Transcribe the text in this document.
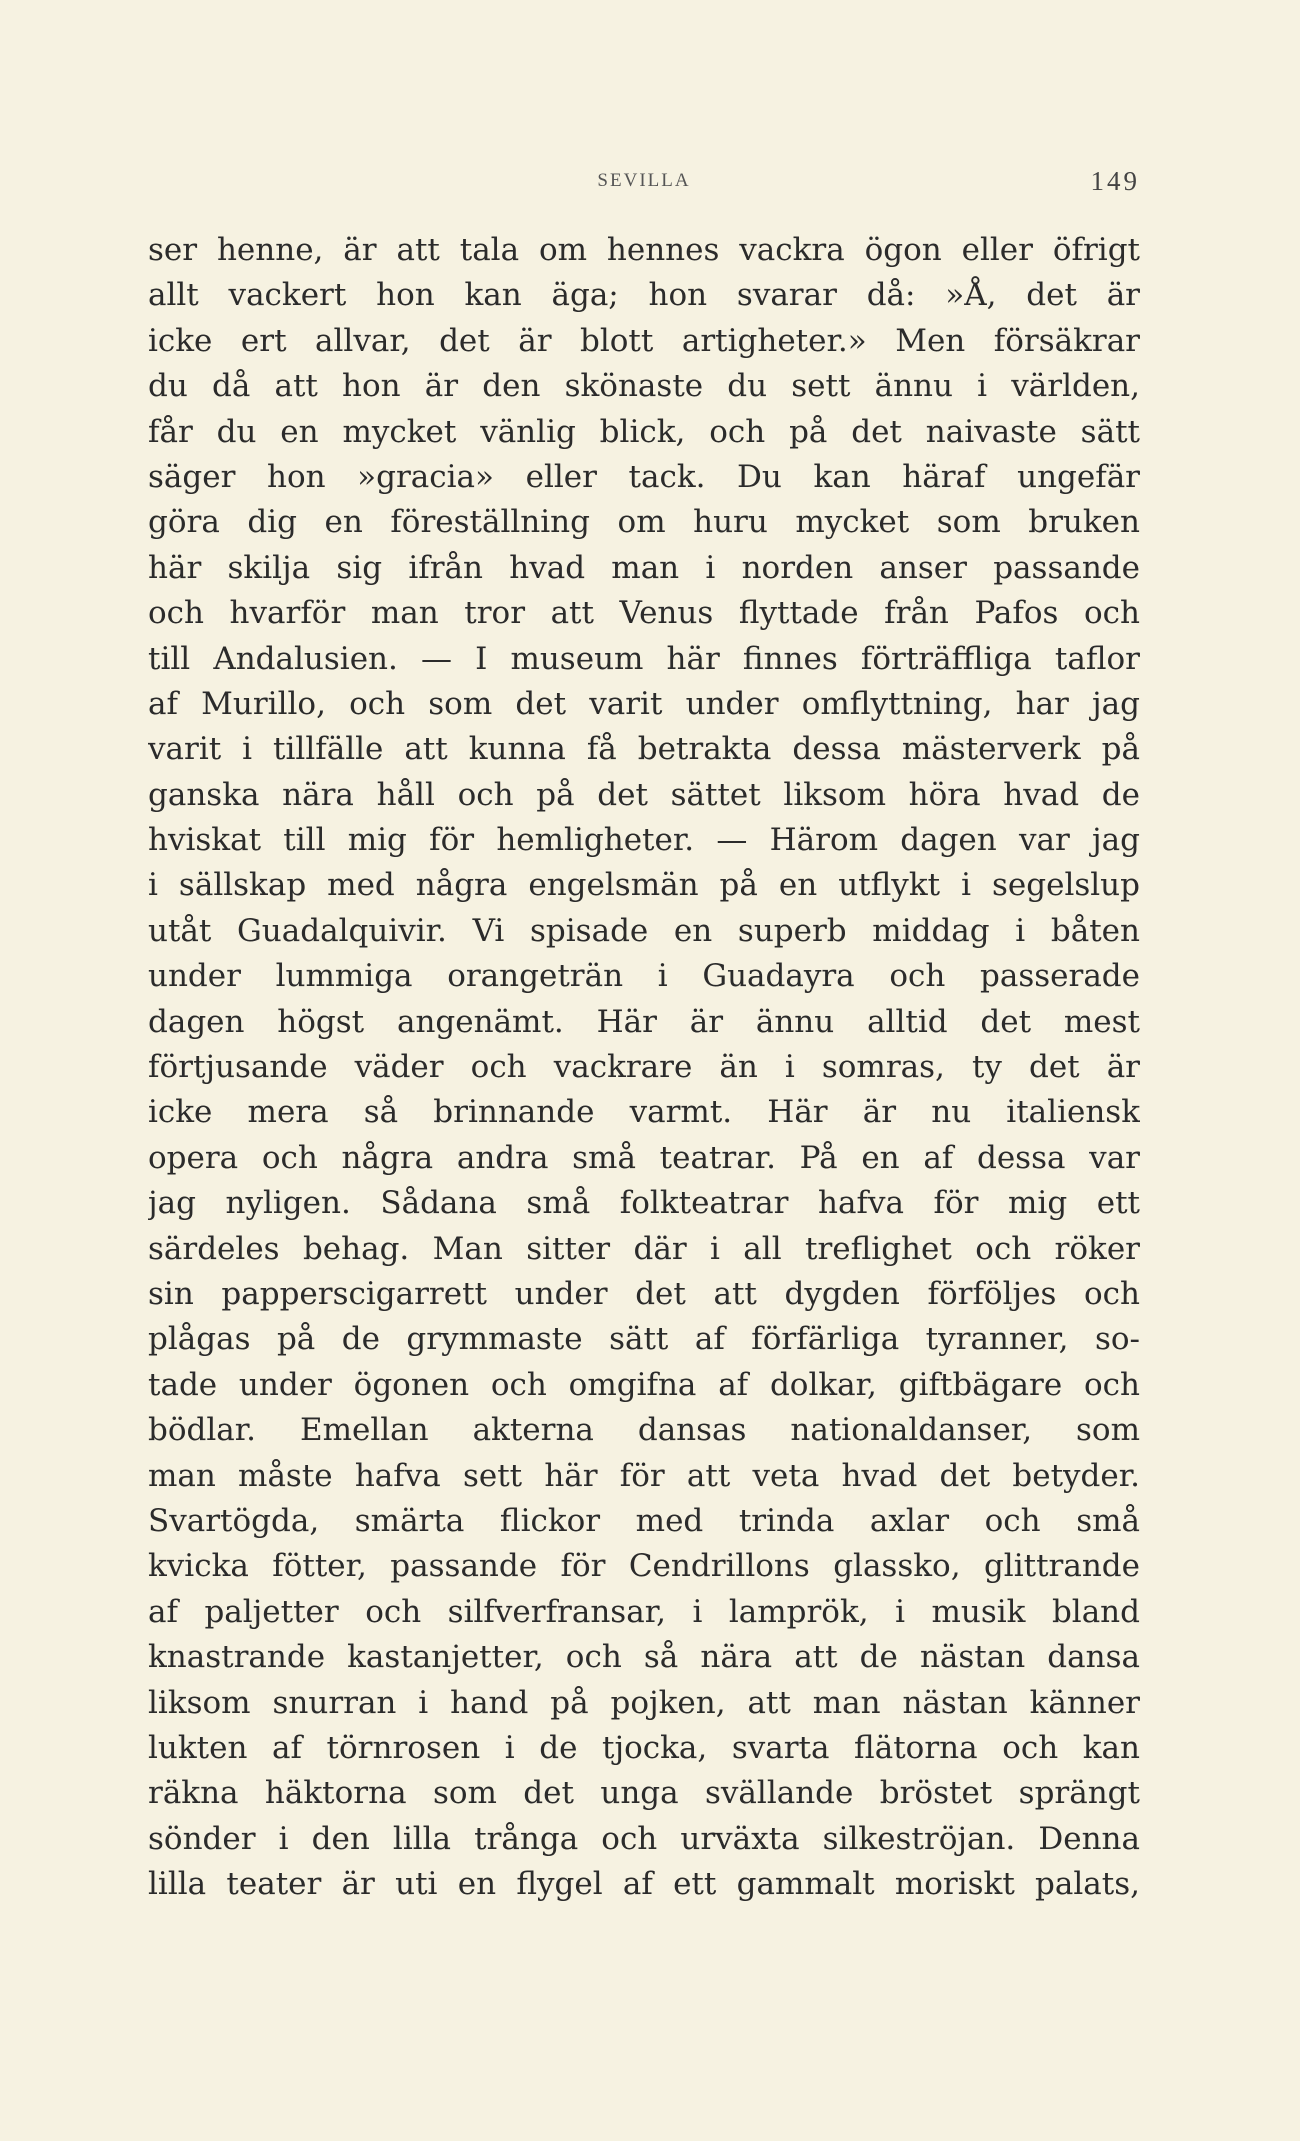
SEVILLA	149
ser henne, är att tala om hennes vackra ögon eller öfrigt
allt vackert hon kan äga; hon svarar då: »Å, det är
icke ert allvar, det är blott artigheter.» Men försäkrar
du då att hon är den skönaste du sett ännu i världen,
får du en mycket vänlig blick, och på det naivaste sätt
säger hon »gracia» eller tack. Du kan häraf ungefär
göra dig en föreställning om huru mycket som bruken
här skilja sig ifrån hvad man i norden anser passande
och hvarför man tror att Venus flyttade från Pafos och
till Andalusien. — I museum här finnes förträffliga taflor
af Murillo, och som det varit under omflyttning, har jag
varit i tillfälle att kunna få betrakta dessa mästerverk på
ganska nära håll och på det sättet liksom höra hvad de
hviskat till mig för hemligheter. — Härom dagen var jag
i sällskap med några engelsmän på en utflykt i segelslup
utåt Guadalquivir. Vi spisade en superb middag i båten
under lummiga orangeträn i Guadayra och passerade
dagen högst angenämt. Här är ännu alltid det mest
förtjusande väder och vackrare än i somras, ty det är
icke mera så brinnande varmt. Här är nu italiensk
opera och några andra små teatrar. På en af dessa var
jag nyligen. Sådana små folkteatrar hafva för mig ett
särdeles behag. Man sitter där i all treflighet och röker
sin papperscigarrett under det att dygden förföljes och
plågas på de grymmaste sätt af förfärliga tyranner, so-
tade under ögonen och omgifna af dolkar, giftbägare och
bödlar. Emellan akterna dansas nationaldanser, som
man måste hafva sett här för att veta hvad det betyder.
Svartögda, smärta flickor med trinda axlar och små
kvicka fötter, passande för Cendrillons glassko, glittrande
af paljetter och silfverfransar, i lamprök, i musik bland
knastrande kastanjetter, och så nära att de nästan dansa
liksom snurran i hand på pojken, att man nästan känner
lukten af törnrosen i de tjocka, svarta flätorna och kan
räkna häktorna som det unga svällande bröstet sprängt
sönder i den lilla trånga och urväxta silkeströjan. Denna
lilla teater är uti en flygel af ett gammalt moriskt palats,
